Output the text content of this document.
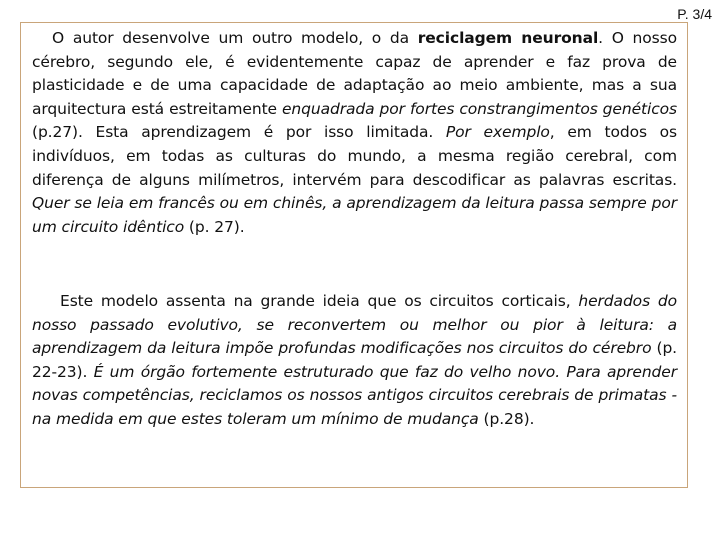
P. 3/4

O autor desenvolve um outro modelo, o da reciclagem neuronal. O nosso cérebro, segundo ele, é evidentemente capaz de aprender e faz prova de plasticidade e de uma capacidade de adaptação ao meio ambiente, mas a sua arquitectura está estreitamente enquadrada por fortes constrangimentos genéticos (p.27). Esta aprendizagem é por isso limitada. Por exemplo, em todos os indivíduos, em todas as culturas do mundo, a mesma região cerebral, com diferença de alguns milímetros, intervém para descodificar as palavras escritas. Quer se leia em francês ou em chinês, a aprendizagem da leitura passa sempre por um circuito idêntico (p. 27).

Este modelo assenta na grande ideia que os circuitos corticais, herdados do nosso passado evolutivo, se reconvertem ou melhor ou pior à leitura: a aprendizagem da leitura impõe profundas modificações nos circuitos do cérebro (p. 22-23). É um órgão fortemente estruturado que faz do velho novo. Para aprender novas competências, reciclamos os nossos antigos circuitos cerebrais de primatas - na medida em que estes toleram um mínimo de mudança (p.28).
